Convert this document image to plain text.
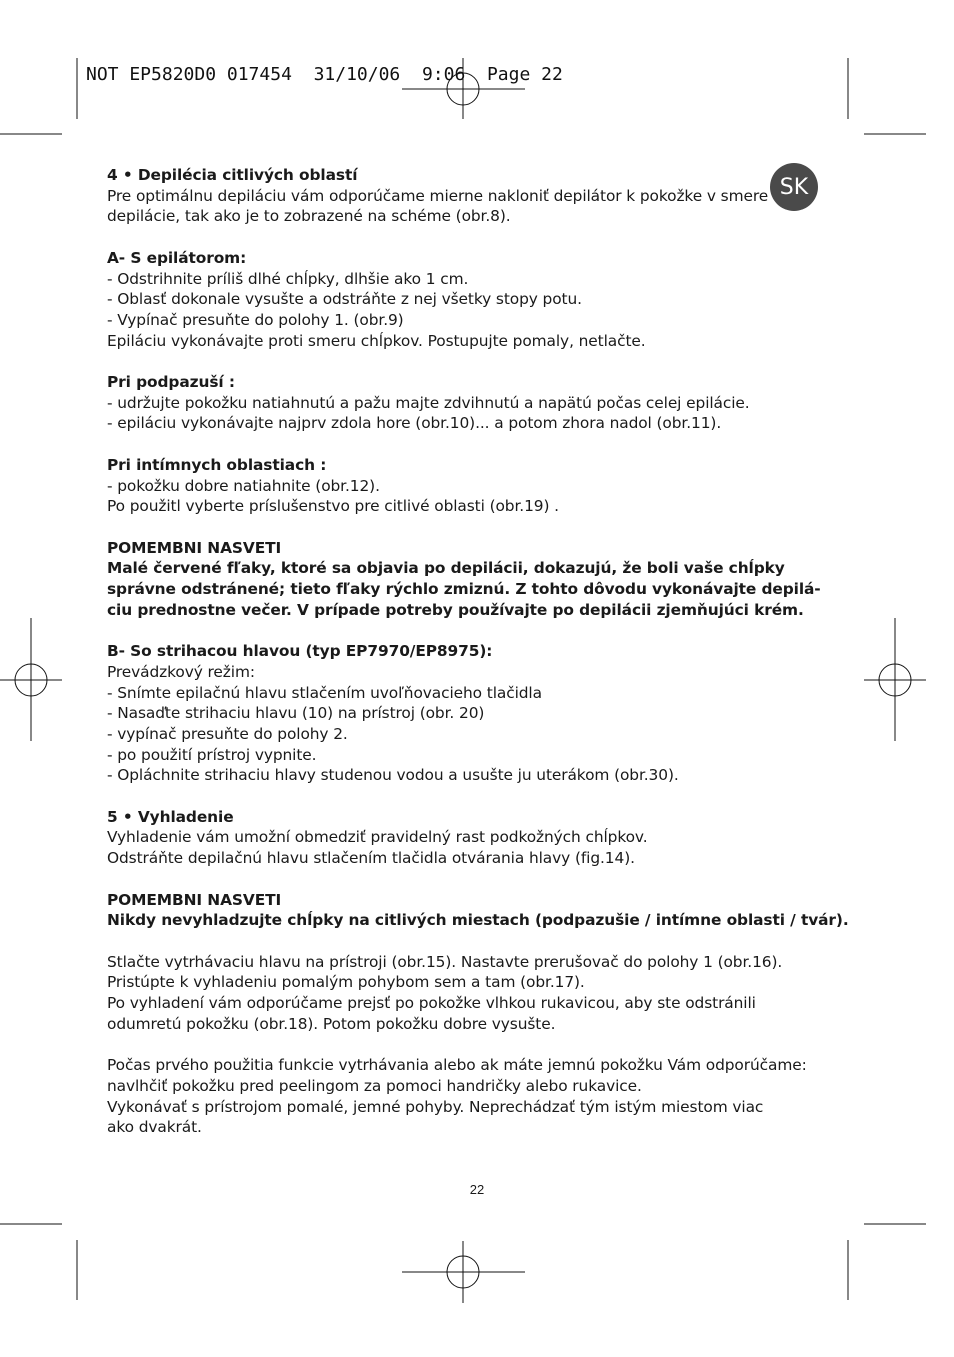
NOT EP5820D0 017454  31/10/06  9:06  Page 22
4 • Depilécia citlivých oblastí
Pre optimálnu depiláciu vám odporúčame mierne nakloniť depilátor k pokožke v smere
depilácie, tak ako je to zobrazené na schéme (obr.8).
A- S epilátorom:
- Odstrihnite príliš dlhé chĺpky, dlhšie ako 1 cm.
- Oblasť dokonale vysušte a odstráňte z nej všetky stopy potu.
- Vypínač presuňte do polohy 1. (obr.9)
Epiláciu vykonávajte proti smeru chĺpkov. Postupujte pomaly, netlačte.
Pri podpazuší :
- udržujte pokožku natiahnutú a pažu majte zdvihnutú a napätú počas celej epilácie.
- epiláciu vykonávajte najprv zdola hore (obr.10)... a potom zhora nadol (obr.11).
Pri intímnych oblastiach :
- pokožku dobre natiahnite (obr.12).
Po použitl vyberte príslušenstvo pre citlivé oblasti (obr.19) .
POMEMBNI NASVETI
Malé červené fľaky, ktoré sa objavia po depilácii, dokazujú, že boli vaše chĺpky
správne odstránené; tieto fľaky rýchlo zmiznú. Z tohto dôvodu vykonávajte depilá-
ciu prednostne večer. V prípade potreby používajte po depilácii zjemňujúci krém.
B- So strihacou hlavou (typ EP7970/EP8975):
Prevádzkový režim:
- Snímte epilačnú hlavu stlačením uvoľňovacieho tlačidla
- Nasaďte strihaciu hlavu (10) na prístroj (obr. 20)
- vypínač presuňte do polohy 2.
- po použití prístroj vypnite.
- Opláchnite strihaciu hlavy studenou vodou a usušte ju uterákom (obr.30).
5 • Vyhladenie
Vyhladenie vám umožní obmedziť pravidelný rast podkožných chĺpkov.
Odstráňte depilačnú hlavu stlačením tlačidla otvárania hlavy (fig.14).
POMEMBNI NASVETI
Nikdy nevyhladzujte chĺpky na citlivých miestach (podpazušie / intímne oblasti / tvár).
Stlačte vytrhávaciu hlavu na prístroji (obr.15). Nastavte prerušovač do polohy 1 (obr.16).
Pristúpte k vyhladeniu pomalým pohybom sem a tam (obr.17).
Po vyhladení vám odporúčame prejsť po pokožke vlhkou rukavicou, aby ste odstránili
odumretú pokožku (obr.18). Potom pokožku dobre vysušte.
Počas prvého použitia funkcie vytrhávania alebo ak máte jemnú pokožku Vám odporúčame:
navlhčiť pokožku pred peelingom za pomoci handričky alebo rukavice.
Vykonávať s prístrojom pomalé, jemné pohyby. Neprechádzať tým istým miestom viac
ako dvakrát.
SK
22
